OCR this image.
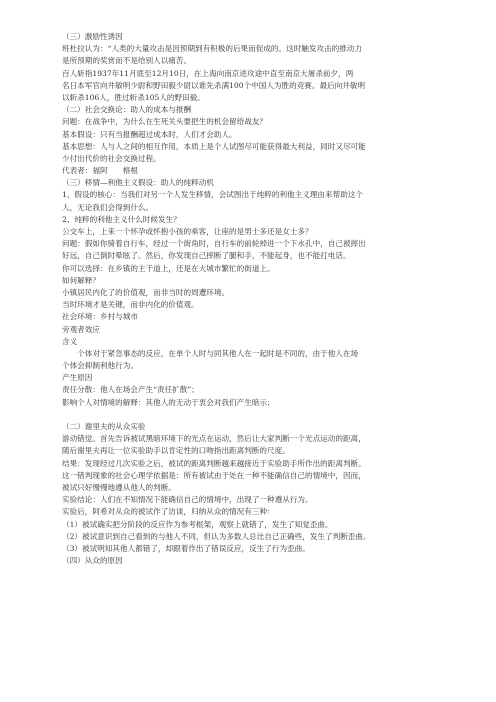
（三）激励性诱因
班杜拉认为：“人类的大量攻击是因预期到有积极的后果而促成的。这时触发攻击的推动力
是所预期的奖赏而不是给别人以痛苦。
百人斩指1937年11月底至12月10日，在上海向南京进攻途中直至南京大屠杀前夕，两
名日本军官向井敏明少尉和野田毅少尉以谁先杀满100个中国人为胜的竞赛。最后向井敏明
以斩杀106人，胜过斩杀105人的野田毅。
（二）社会交换论：助人的成本与报酬
问题：在战争中，为什么在生死关头要把生的机会留给战友？
基本假设：只有当报酬超过成本时，人们才会助人。
基本思想：人与人之间的相互作用，本质上是个人试图尽可能获得最大利益，同时又尽可能
少付出代价的社会交换过程。
代表者：福阿　　格根
（三）移情—利他主义假设：助人的纯粹动机
1、假设的核心：当我们对另一个人发生移情，会试图出于纯粹的利他主义理由来帮助这个
人，无论我们会得到什么。
2、纯粹的利他主义什么时候发生？
公交车上，上来一个怀孕或怀抱小孩的乘客，让座的是男士多还是女士多？
问题：假如你骑着自行车，经过一个街角时，自行车的前轮掉进一个下水孔中，自己被摔出
好远，自己倒时晕眩了。然后，你发现自己摔断了腿和手，不能起身，也不能打电话。
你可以选择：在乡镇的主干道上，还是在大城市繁忙的街道上。
如何解释？
小镇居民内化了的价值观，而非当时的周遭环境。
当时环境才是关键，而非内化的价值观。
社会环境：乡村与城市
旁观者效应
含义
　　个体对于紧急事态的反应，在单个人时与同其他人在一起时是不同的，由于他人在场
个体会抑制利他行为。
产生原因
责任分散：他人在场会产生“责任扩散”；
影响个人对情境的解释：其他人的无动于衷会对我们产生暗示；
（二）谢里夫的从众实验
游动错觉。首先告诉被试黑暗环境下的光点在运动，然后让大家判断一个光点运动的距离，
随后谢里夫再让一位实验助手以肯定性的口吻指出距离判断的尺度。
结果：发现经过几次实验之后，被试的距离判断越来越接近于实验助手所作出的距离判断。
这一错判现象的社会心理学依据是：所有被试由于处在一种不能确信自己的情境中，因而，
被试只好慢慢地遵从他人的判断。
实验结论：人们在不知情况下能确信自己的情境中，出现了一种遵从行为。
实验后，阿希对从众的被试作了访谈，归纳从众的情况有三种：
（1）被试确实把分阶段的反应作为参考框架，观察上就错了，发生了知觉歪曲。
（2）被试意识到自己看到的与他人不同，但认为多数人总比自己正确些，发生了判断歪曲。
（3）被试明知其他人都错了，却跟着作出了错误反应，反生了行为歪曲。
（四）从众的原因
